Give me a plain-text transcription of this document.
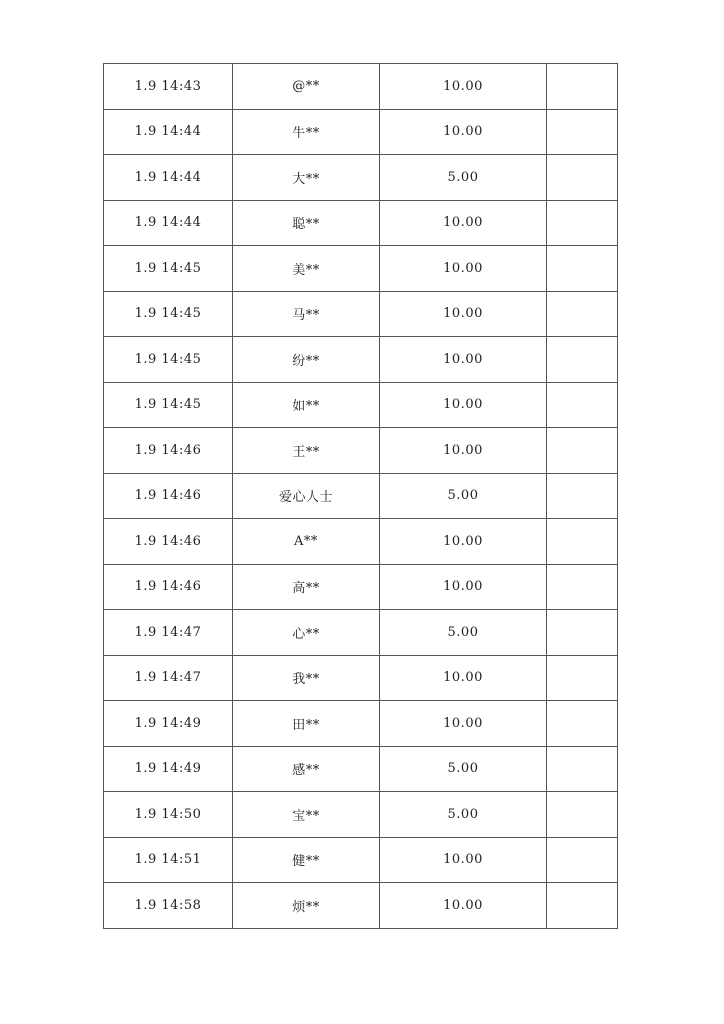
1.9 14:43	@**	10.00	
1.9 14:44	牛**	10.00	
1.9 14:44	大**	5.00	
1.9 14:44	聪**	10.00	
1.9 14:45	美**	10.00	
1.9 14:45	马**	10.00	
1.9 14:45	纷**	10.00	
1.9 14:45	如**	10.00	
1.9 14:46	王**	10.00	
1.9 14:46	爱心人士	5.00	
1.9 14:46	A**	10.00	
1.9 14:46	高**	10.00	
1.9 14:47	心**	5.00	
1.9 14:47	我**	10.00	
1.9 14:49	田**	10.00	
1.9 14:49	感**	5.00	
1.9 14:50	宝**	5.00	
1.9 14:51	健**	10.00	
1.9 14:58	烦**	10.00	
